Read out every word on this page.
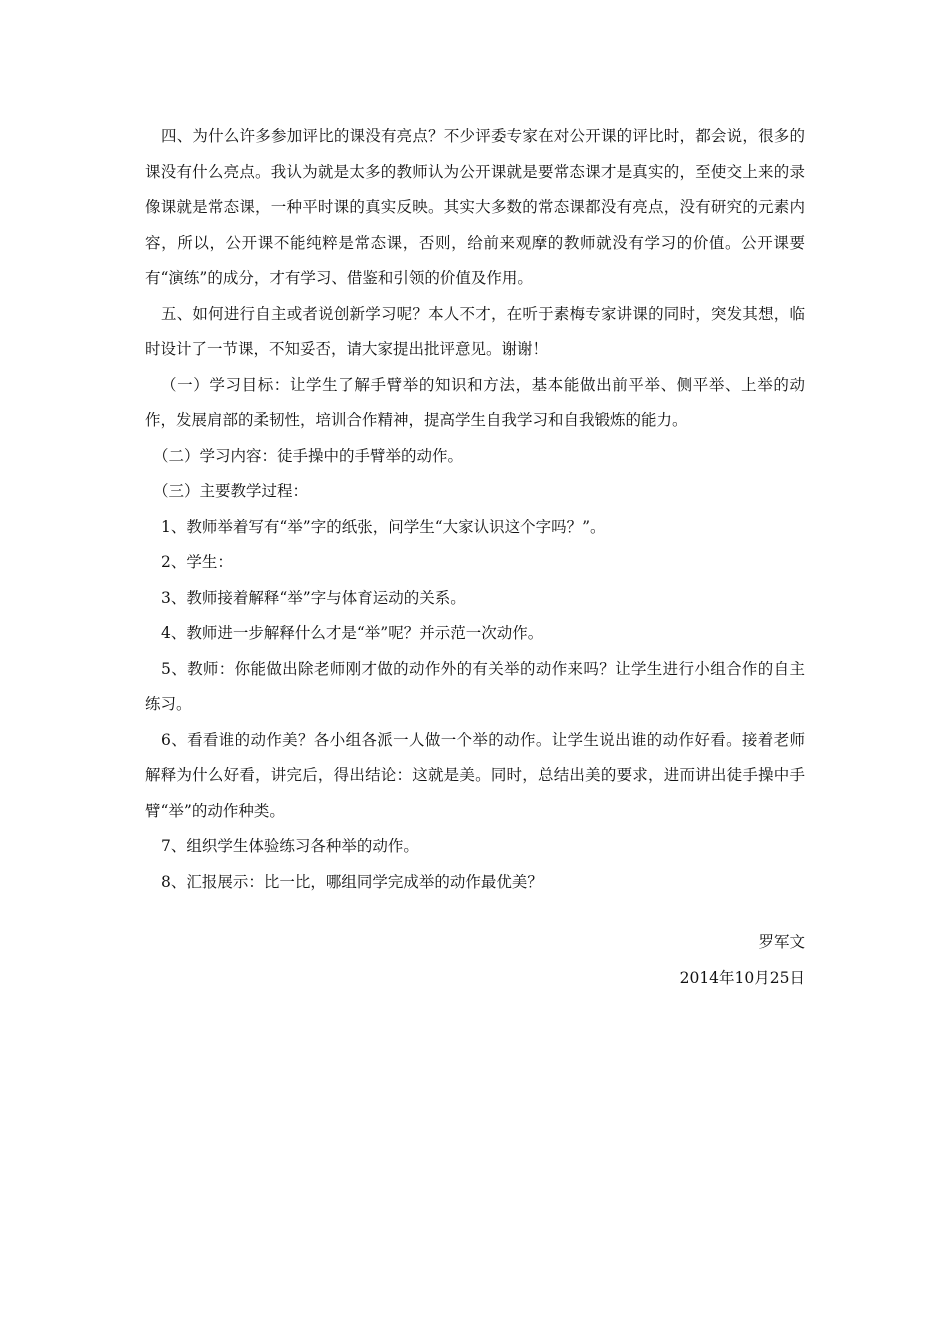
四、为什么许多参加评比的课没有亮点？不少评委专家在对公开课的评比时，都会说，很多的课没有什么亮点。我认为就是太多的教师认为公开课就是要常态课才是真实的，至使交上来的录像课就是常态课，一种平时课的真实反映。其实大多数的常态课都没有亮点，没有研究的元素内容，所以，公开课不能纯粹是常态课，否则，给前来观摩的教师就没有学习的价值。公开课要有“演练”的成分，才有学习、借鉴和引领的价值及作用。

五、如何进行自主或者说创新学习呢？本人不才，在听于素梅专家讲课的同时，突发其想，临时设计了一节课，不知妥否，请大家提出批评意见。谢谢！

（一）学习目标：让学生了解手臂举的知识和方法，基本能做出前平举、侧平举、上举的动作，发展肩部的柔韧性，培训合作精神，提高学生自我学习和自我锻炼的能力。

（二）学习内容：徒手操中的手臂举的动作。

（三）主要教学过程：

1、教师举着写有“举”字的纸张，问学生“大家认识这个字吗？”。

2、学生：

3、教师接着解释“举”字与体育运动的关系。

4、教师进一步解释什么才是“举”呢？并示范一次动作。

5、教师：你能做出除老师刚才做的动作外的有关举的动作来吗？让学生进行小组合作的自主练习。

6、看看谁的动作美？各小组各派一人做一个举的动作。让学生说出谁的动作好看。接着老师解释为什么好看，讲完后，得出结论：这就是美。同时，总结出美的要求，进而讲出徒手操中手臂“举”的动作种类。

7、组织学生体验练习各种举的动作。

8、汇报展示：比一比，哪组同学完成举的动作最优美？

罗军文
2014年10月25日
